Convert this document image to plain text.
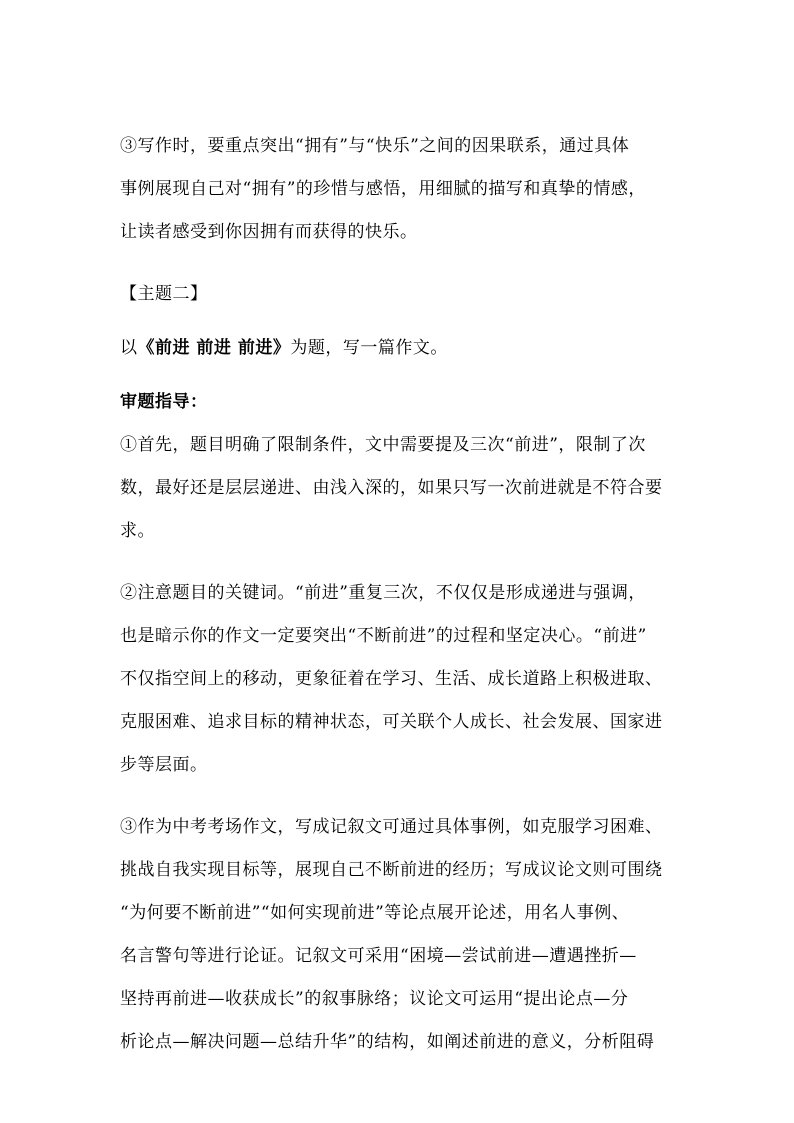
③写作时，要重点突出“拥有”与“快乐”之间的因果联系，通过具体
事例展现自己对“拥有”的珍惜与感悟，用细腻的描写和真挚的情感，
让读者感受到你因拥有而获得的快乐。
【主题二】
以《前进 前进 前进》为题，写一篇作文。
审题指导：
①首先，题目明确了限制条件，文中需要提及三次“前进”，限制了次
数，最好还是层层递进、由浅入深的，如果只写一次前进就是不符合要
求。
②注意题目的关键词。“前进”重复三次，不仅仅是形成递进与强调，
也是暗示你的作文一定要突出“不断前进”的过程和坚定决心。“前进”
不仅指空间上的移动，更象征着在学习、生活、成长道路上积极进取、
克服困难、追求目标的精神状态，可关联个人成长、社会发展、国家进
步等层面。
③作为中考考场作文，写成记叙文可通过具体事例，如克服学习困难、
挑战自我实现目标等，展现自己不断前进的经历；写成议论文则可围绕
“为何要不断前进”“如何实现前进”等论点展开论述，用名人事例、
名言警句等进行论证。记叙文可采用“困境—尝试前进—遭遇挫折—
坚持再前进—收获成长”的叙事脉络；议论文可运用“提出论点—分
析论点—解决问题—总结升华”的结构，如阐述前进的意义，分析阻碍
